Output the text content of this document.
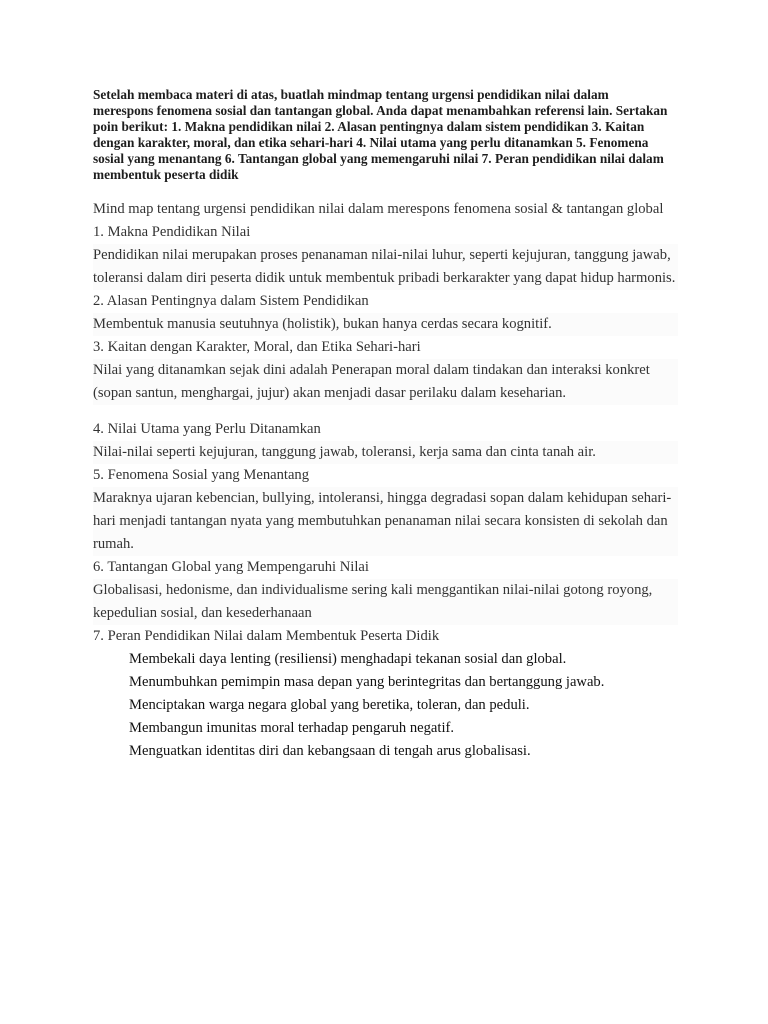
Setelah membaca materi di atas, buatlah mindmap tentang urgensi pendidikan nilai dalam merespons fenomena sosial dan tantangan global. Anda dapat menambahkan referensi lain. Sertakan poin berikut: 1. Makna pendidikan nilai 2. Alasan pentingnya dalam sistem pendidikan 3. Kaitan dengan karakter, moral, dan etika sehari-hari 4. Nilai utama yang perlu ditanamkan 5. Fenomena sosial yang menantang 6. Tantangan global yang memengaruhi nilai 7. Peran pendidikan nilai dalam membentuk peserta didik

Mind map tentang urgensi pendidikan nilai dalam merespons fenomena sosial & tantangan global

1. Makna Pendidikan Nilai

Pendidikan nilai merupakan proses penanaman nilai-nilai luhur, seperti kejujuran, tanggung jawab, toleransi dalam diri peserta didik untuk membentuk pribadi berkarakter yang dapat hidup harmonis.

2. Alasan Pentingnya dalam Sistem Pendidikan

Membentuk manusia seutuhnya (holistik), bukan hanya cerdas secara kognitif.

3. Kaitan dengan Karakter, Moral, dan Etika Sehari-hari

Nilai yang ditanamkan sejak dini adalah Penerapan moral dalam tindakan dan interaksi konkret (sopan santun, menghargai, jujur) akan menjadi dasar perilaku dalam keseharian.

4. Nilai Utama yang Perlu Ditanamkan

Nilai-nilai seperti kejujuran, tanggung jawab, toleransi, kerja sama dan cinta tanah air.

5. Fenomena Sosial yang Menantang

Maraknya ujaran kebencian, bullying, intoleransi, hingga degradasi sopan dalam kehidupan sehari-hari menjadi tantangan nyata yang membutuhkan penanaman nilai secara konsisten di sekolah dan rumah.

6. Tantangan Global yang Mempengaruhi Nilai

Globalisasi, hedonisme, dan individualisme sering kali menggantikan nilai-nilai gotong royong, kepedulian sosial, dan kesederhanaan

7. Peran Pendidikan Nilai dalam Membentuk Peserta Didik

Membekali daya lenting (resiliensi) menghadapi tekanan sosial dan global.
Menumbuhkan pemimpin masa depan yang berintegritas dan bertanggung jawab.
Menciptakan warga negara global yang beretika, toleran, dan peduli.
Membangun imunitas moral terhadap pengaruh negatif.
Menguatkan identitas diri dan kebangsaan di tengah arus globalisasi.
